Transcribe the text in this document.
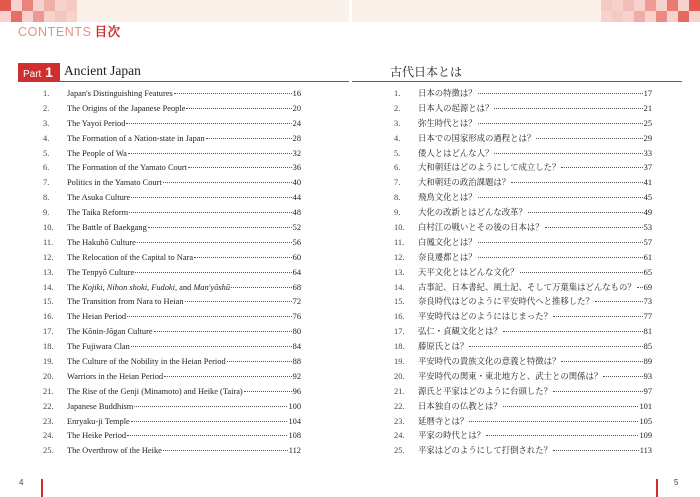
CONTENTS 目次
Part 1 Ancient Japan	古代日本とは
1.	Japan's Distinguishing Features	16
2.	The Origins of the Japanese People	20
3.	The Yayoi Period	24
4.	The Formation of a Nation-state in Japan	28
5.	The People of Wa	32
6.	The Formation of the Yamato Court	36
7.	Politics in the Yamato Court	40
8.	The Asuka Culture	44
9.	The Taika Reform	48
10.	The Battle of Baekgang	52
11.	The Hakuhō Culture	56
12.	The Relocation of the Capital to Nara	60
13.	The Tenpyō Culture	64
14.	The Kojiki, Nihon shoki, Fudoki, and Man'yōshū	68
15.	The Transition from Nara to Heian	72
16.	The Heian Period	76
17.	The Kōnin-Jōgan Culture	80
18.	The Fujiwara Clan	84
19.	The Culture of the Nobility in the Heian Period	88
20.	Warriors in the Heian Period	92
21.	The Rise of the Genji (Minamoto) and Heike (Taira)	96
22.	Japanese Buddhism	100
23.	Enryaku-ji Temple	104
24.	The Heike Period	108
25.	The Overthrow of the Heike	112
1.	日本の特徴は？	17
2.	日本人の起源とは？	21
3.	弥生時代とは？	25
4.	日本での国家形成の過程とは？	29
5.	倭人とはどんな人？	33
6.	大和朝廷はどのようにして成立した？	37
7.	大和朝廷の政治課題は？	41
8.	飛鳥文化とは？	45
9.	大化の改新とはどんな改革？	49
10.	白村江の戦いとその後の日本は？	53
11.	白鳳文化とは？	57
12.	奈良遷都とは？	61
13.	天平文化とはどんな文化？	65
14.	古事記、日本書紀、風土記、そして万葉集はどんなもの？ 69
15.	奈良時代はどのように平安時代へと推移した？	73
16.	平安時代はどのようにはじまった？	77
17.	弘仁・貞観文化とは？	81
18.	藤原氏とは？	85
19.	平安時代の貴族文化の意義と特徴は？	89
20.	平安時代の関東・東北地方と、武士との関係は？	93
21.	源氏と平家はどのように台頭した？	97
22.	日本独自の仏教とは？	101
23.	延暦寺とは？	105
24.	平家の時代とは？	109
25.	平家はどのようにして打倒された？	113
4	5
